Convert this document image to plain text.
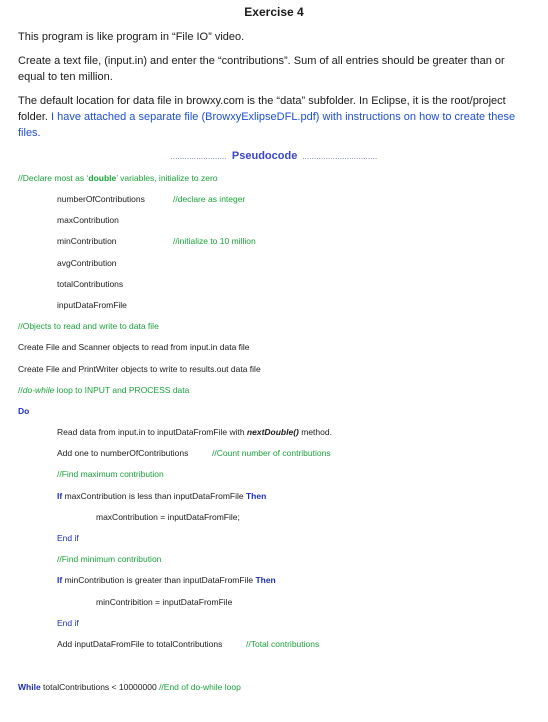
Exercise 4
This program is like program in “File IO” video.
Create a text file, (input.in) and enter the “contributions”. Sum of all entries should be greater than or equal to ten million.
The default location for data file in browxy.com is the “data” subfolder. In Eclipse, it is the root/project folder. I have attached a separate file (BrowxyExlipseDFL.pdf) with instructions on how to create these files.
........................ Pseudocode ................................
//Declare most as ‘double’ variables, initialize to zero
numberOfContributions	//declare as integer
maxContribution
minContribution	//initialize to 10 million
avgContribution
totalContributions
inputDataFromFile
//Objects to read and write to data file
Create File and Scanner objects to read from input.in data file
Create File and PrintWriter objects to write to results.out data file
//do-while loop to INPUT and PROCESS data
Do
Read data from input.in to inputDataFromFile with nextDouble() method.
Add one to numberOfContributions	//Count number of contributions
//Find maximum contribution
If maxContribution is less than inputDataFromFile Then
maxContribution = inputDataFromFile;
End if
//Find minimum contribution
If minContribution is greater than inputDataFromFile Then
minContribition = inputDataFromFile
End if
Add inputDataFromFile to totalContributions	//Total contributions
While totalContributions < 10000000 //End of do-while loop
